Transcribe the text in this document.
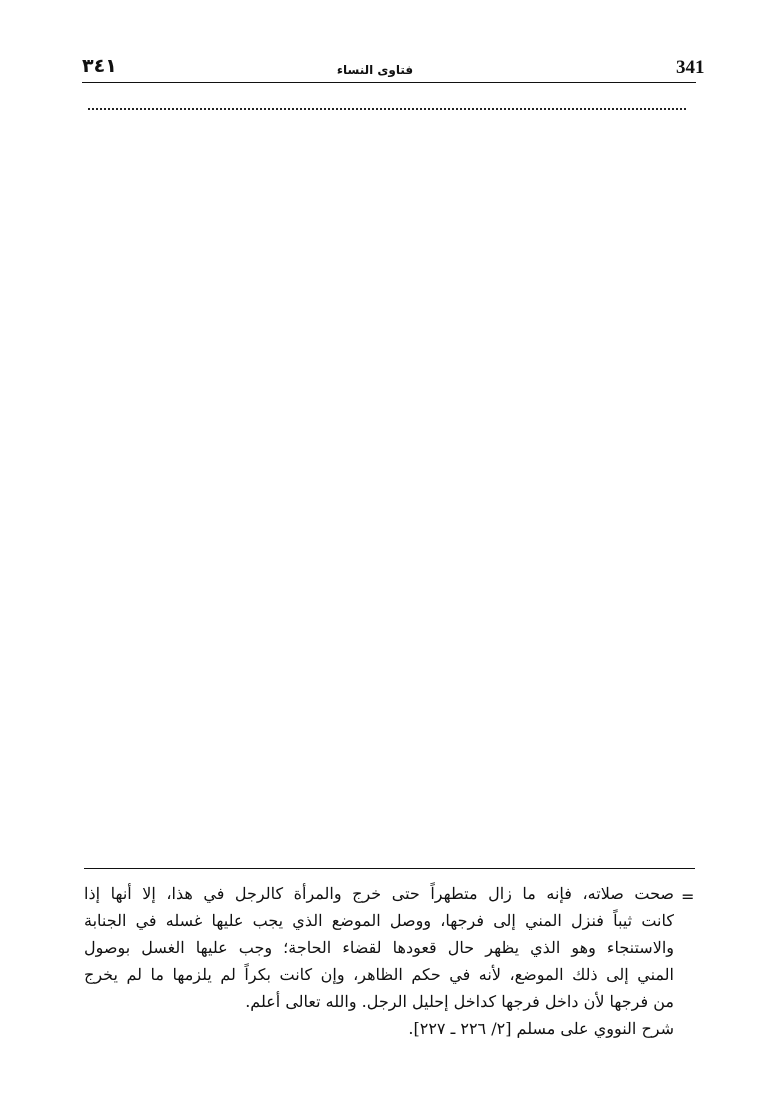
341
فتاوى النساء
٣٤١
=
صحت صلاته، فإنه ما زال متطهراً حتى خرج والمرأة كالرجل في هذا، إلا أنها إذا
كانت ثيباً فنزل المني إلى فرجها، ووصل الموضع الذي يجب عليها غسله في الجنابة
والاستنجاء وهو الذي يظهر حال قعودها لقضاء الحاجة؛ وجب عليها الغسل بوصول
المني إلى ذلك الموضع، لأنه في حكم الظاهر، وإن كانت بكراً لم يلزمها ما لم يخرج
من فرجها لأن داخل فرجها كداخل إحليل الرجل. والله تعالى أعلم.
شرح النووي على مسلم [٢/ ٢٢٦ ـ ٢٢٧].
